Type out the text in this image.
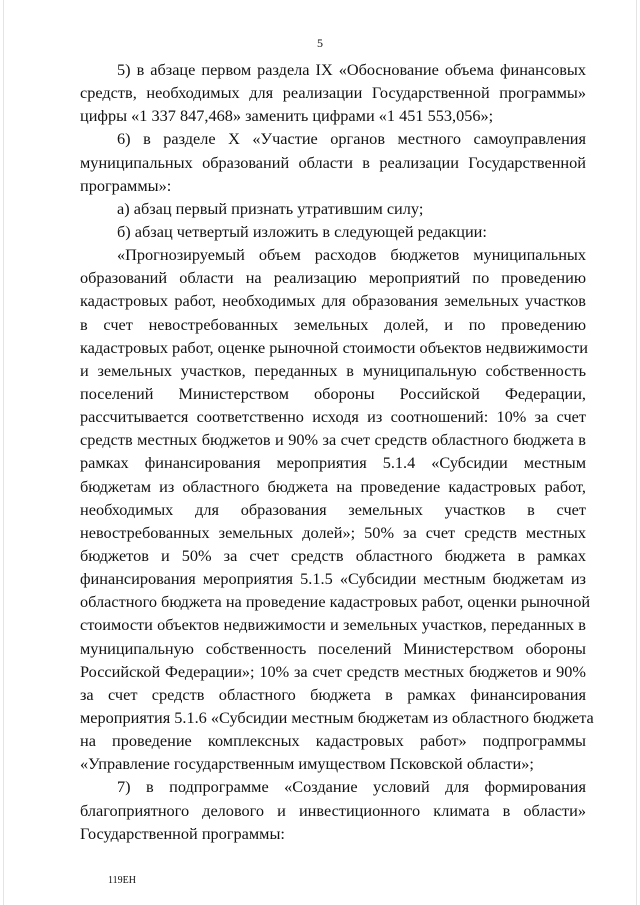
5
5) в абзаце первом раздела IX «Обоснование объема финансовых
средств, необходимых для реализации Государственной программы»
цифры «1 337 847,468» заменить цифрами «1 451 553,056»;
6) в разделе X «Участие органов местного самоуправления
муниципальных образований области в реализации Государственной
программы»:
а) абзац первый признать утратившим силу;
б) абзац четвертый изложить в следующей редакции:
«Прогнозируемый объем расходов бюджетов муниципальных
образований области на реализацию мероприятий по проведению
кадастровых работ, необходимых для образования земельных участков
в счет невостребованных земельных долей, и по проведению
кадастровых работ, оценке рыночной стоимости объектов недвижимости
и земельных участков, переданных в муниципальную собственность
поселений Министерством обороны Российской Федерации,
рассчитывается соответственно исходя из соотношений: 10% за счет
средств местных бюджетов и 90% за счет средств областного бюджета в
рамках финансирования мероприятия 5.1.4 «Субсидии местным
бюджетам из областного бюджета на проведение кадастровых работ,
необходимых для образования земельных участков в счет
невостребованных земельных долей»; 50% за счет средств местных
бюджетов и 50% за счет средств областного бюджета в рамках
финансирования мероприятия 5.1.5 «Субсидии местным бюджетам из
областного бюджета на проведение кадастровых работ, оценки рыночной
стоимости объектов недвижимости и земельных участков, переданных в
муниципальную собственность поселений Министерством обороны
Российской Федерации»; 10% за счет средств местных бюджетов и 90%
за счет средств областного бюджета в рамках финансирования
мероприятия 5.1.6 «Субсидии местным бюджетам из областного бюджета
на проведение комплексных кадастровых работ» подпрограммы
«Управление государственным имуществом Псковской области»;
7) в подпрограмме «Создание условий для формирования
благоприятного делового и инвестиционного климата в области»
Государственной программы:
119ЕН
